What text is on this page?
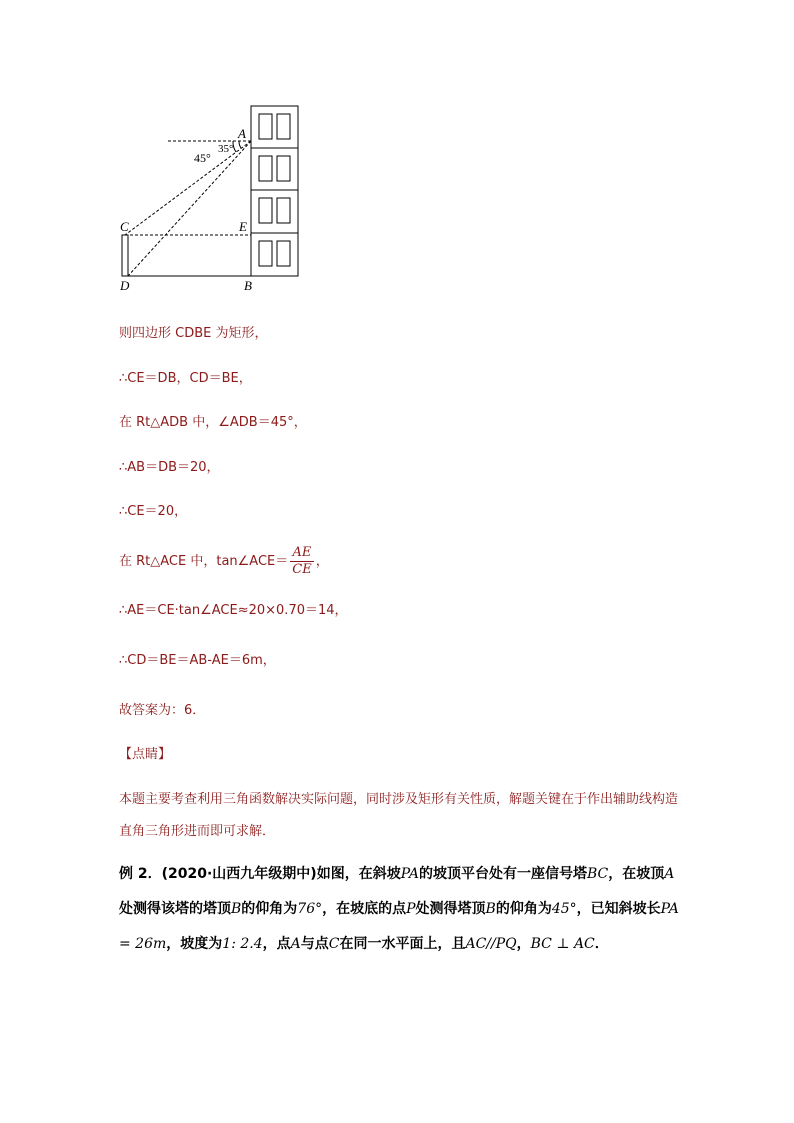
A
C	E
D	B
45°
35°
则四边形 CDBE 为矩形，
∴CE＝DB，CD＝BE，
在 Rt△ADB 中，∠ADB＝45°，
∴AB＝DB＝20，
∴CE＝20，
在 Rt△ACE 中，tan∠ACE＝ $\frac{AE}{CE}$ ，
∴AE＝CE·tan∠ACE≈20×0.70＝14，
∴CD＝BE＝AB-AE＝6m，
故答案为：6．
【点睛】
本题主要考查利用三角函数解决实际问题，同时涉及矩形有关性质，解题关键在于作出辅助线构造直角三角形进而即可求解．
例 2．(2020·山西九年级期中)如图，在斜坡PA的坡顶平台处有一座信号塔BC，在坡顶A处测得该塔的塔顶B的仰角为76°，在坡底的点P处测得塔顶B的仰角为45°，已知斜坡长PA = 26m，坡度为1: 2.4，点A与点C在同一水平面上，且AC//PQ，BC ⊥ AC．
